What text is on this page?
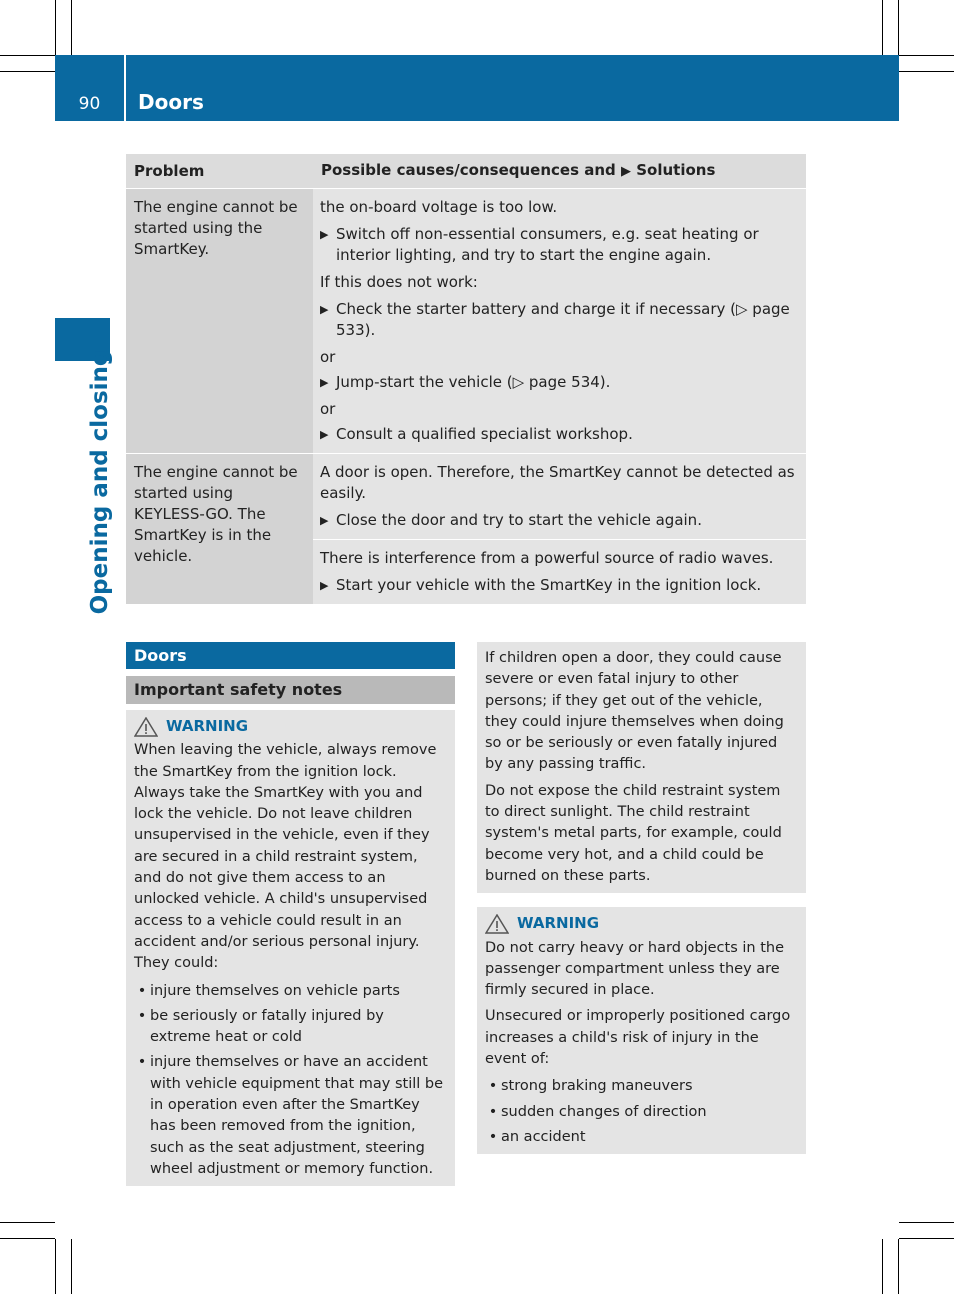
90	Doors
Opening and closing
Problem	Possible causes/consequences and ▶ Solutions
The engine cannot be started using the SmartKey.
the on-board voltage is too low.
▶ Switch off non-essential consumers, e.g. seat heating or interior lighting, and try to start the engine again.
If this does not work:
▶ Check the starter battery and charge it if necessary (▷ page 533).
or
▶ Jump-start the vehicle (▷ page 534).
or
▶ Consult a qualified specialist workshop.
The engine cannot be started using KEYLESS-GO. The SmartKey is in the vehicle.
A door is open. Therefore, the SmartKey cannot be detected as easily.
▶ Close the door and try to start the vehicle again.
There is interference from a powerful source of radio waves.
▶ Start your vehicle with the SmartKey in the ignition lock.
Doors
Important safety notes
WARNING
When leaving the vehicle, always remove the SmartKey from the ignition lock. Always take the SmartKey with you and lock the vehicle. Do not leave children unsupervised in the vehicle, even if they are secured in a child restraint system, and do not give them access to an unlocked vehicle. A child's unsupervised access to a vehicle could result in an accident and/or serious personal injury. They could:
• injure themselves on vehicle parts
• be seriously or fatally injured by extreme heat or cold
• injure themselves or have an accident with vehicle equipment that may still be in operation even after the SmartKey has been removed from the ignition, such as the seat adjustment, steering wheel adjustment or memory function.

If children open a door, they could cause severe or even fatal injury to other persons; if they get out of the vehicle, they could injure themselves when doing so or be seriously or even fatally injured by any passing traffic.

Do not expose the child restraint system to direct sunlight. The child restraint system's metal parts, for example, could become very hot, and a child could be burned on these parts.

WARNING

Do not carry heavy or hard objects in the passenger compartment unless they are firmly secured in place.

Unsecured or improperly positioned cargo increases a child's risk of injury in the event of:

• strong braking maneuvers
• sudden changes of direction
• an accident
